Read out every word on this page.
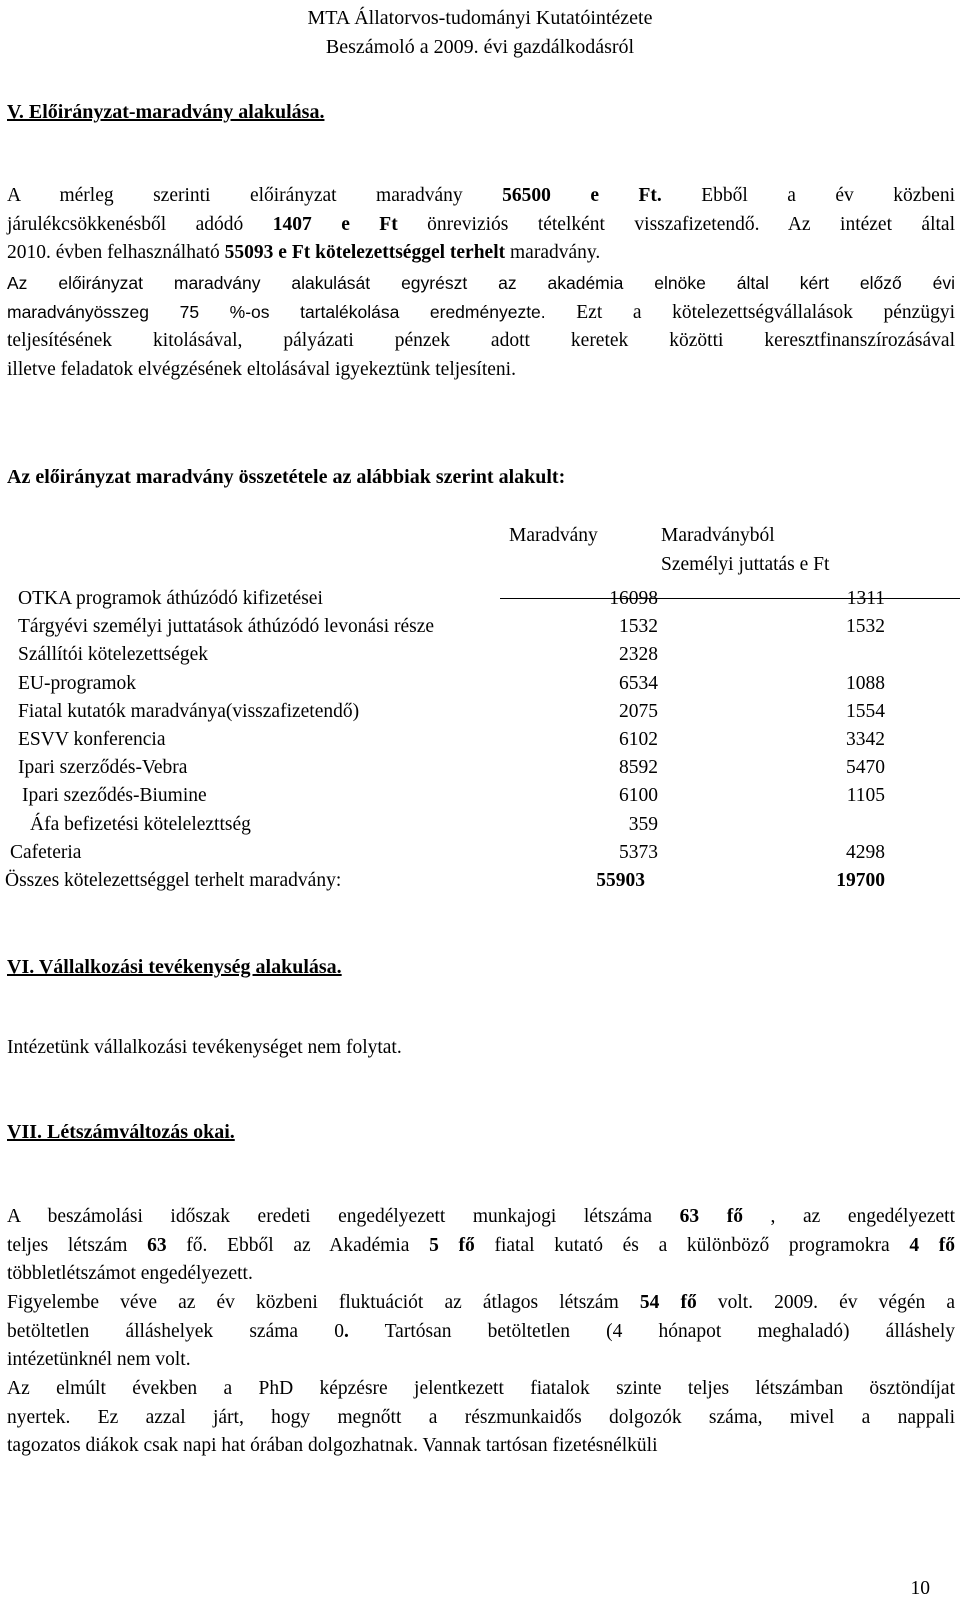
MTA Állatorvos-tudományi Kutatóintézete
Beszámoló a 2009. évi gazdálkodásról
V. Előirányzat-maradvány alakulása.
A mérleg szerinti előirányzat maradvány 56500 e Ft. Ebből a év közbeni
járulékcsökkenésből adódó 1407 e Ft önreviziós tételként visszafizetendő. Az intézet által
2010. évben felhasználható 55093 e Ft kötelezettséggel terhelt maradvány.
Az előirányzat maradvány alakulását egyrészt az akadémia elnöke által kért előző évi
maradványösszeg 75 %-os tartalékolása eredményezte. Ezt a kötelezettségvállalások pénzügyi
teljesítésének kitolásával, pályázati pénzek adott keretek közötti keresztfinanszírozásával
illetve feladatok elvégzésének eltolásával igyekeztünk teljesíteni.
Az előirányzat maradvány összetétele az alábbiak szerint alakult:
Maradvány	Maradványból
Személyi juttatás e Ft
OTKA programok áthúzódó kifizetései	16098	1311
Tárgyévi személyi juttatások áthúzódó levonási része	1532	1532
Szállítói kötelezettségek	2328
EU-programok	6534	1088
Fiatal kutatók maradványa(visszafizetendő)	2075	1554
ESVV konferencia	6102	3342
Ipari szerződés-Vebra	8592	5470
Ipari szeződés-Biumine	6100	1105
Áfa befizetési kötelelezttség	359
Cafeteria	5373	4298
Összes kötelezettséggel terhelt maradvány:	55903	19700
VI. Vállalkozási tevékenység alakulása.
Intézetünk vállalkozási tevékenységet nem folytat.
VII. Létszámváltozás okai.
A beszámolási időszak eredeti engedélyezett munkajogi létszáma 63 fő , az engedélyezett
teljes létszám 63 fő. Ebből az Akadémia 5 fő fiatal kutató és a különböző programokra 4 fő
többletlétszámot engedélyezett.
Figyelembe véve az év közbeni fluktuációt az átlagos létszám 54 fő volt. 2009. év végén a
betöltetlen álláshelyek száma 0. Tartósan betöltetlen (4 hónapot meghaladó) álláshely
intézetünknél nem volt.
Az elmúlt években a PhD képzésre jelentkezett fiatalok szinte teljes létszámban ösztöndíjat
nyertek. Ez azzal járt, hogy megnőtt a részmunkaidős dolgozók száma, mivel a nappali
tagozatos diákok csak napi hat órában dolgozhatnak. Vannak tartósan fizetésnélküli
10
